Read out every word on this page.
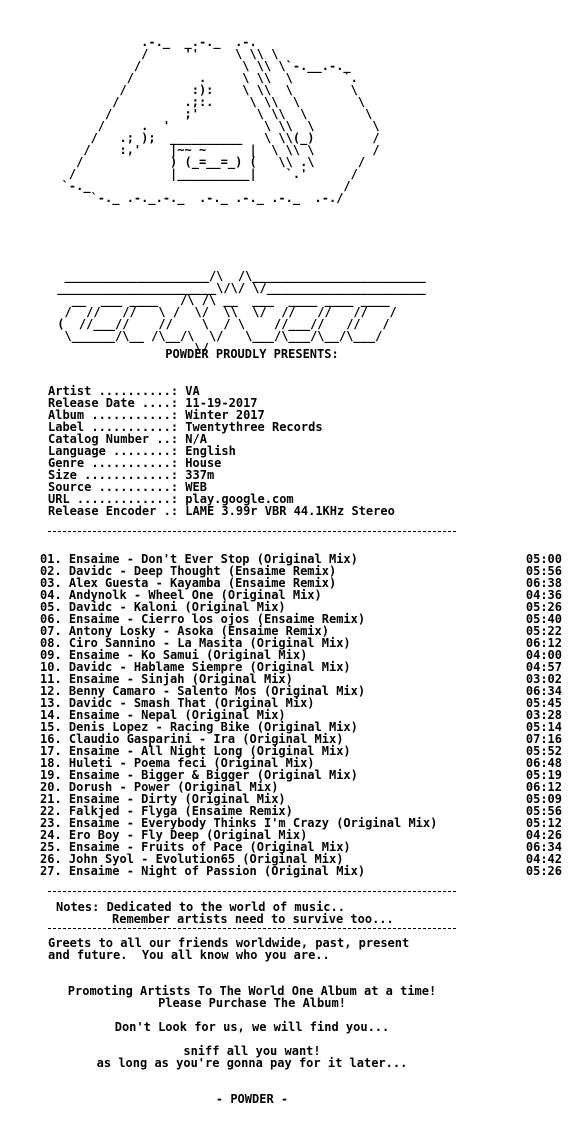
.-._  _.-._  .-.
/     ''     \ \\ \
/              \ \\ \`-.__.-._
/         .     \ \\  \       `.
/         :):    \ \\  \        \
/         .;:.     \ \\  \        \
/          ;'        \ \\  \        \
/     .  '             \ \\  \        \
/   .; );  __________   \ \\(_)        /
/    :,'    |~~ ~      |  \ \\ \        /
/            ) (_=__=_) (   \\ .\      /
/             |__________|    `.'      /
`-._                                   /
`-._ .-._.-._  .-._ .-._ .-._  .-./

____________________/\  /\________________________
______________________\/\/ \/______________________
__  ___ ____   /\ /\ __  ___  ____ ____ ____
/  //   //   \ /  \/  \\  \/  //   //   //   /
(  //___//    //    \  / \    //___//   //   /
\______/\__ /\__/\  \/   \___/\___/\__/\___/
\/

POWDER PROUDLY PRESENTS:

Artist ..........: VA

Release Date ....: 11-19-2017

Album ...........: Winter 2017

Label ...........: Twentythree Records

Catalog Number ..: N/A

Language ........: English

Genre ...........: House

Size ............: 337m

Source ..........: WEB

URL .............: play.google.com

Release Encoder .: LAME 3.99r VBR 44.1KHz Stereo

01. Ensaime - Don't Ever Stop (Original Mix)	05:00

02. Davidc - Deep Thought (Ensaime Remix)	05:56

03. Alex Guesta - Kayamba (Ensaime Remix)	06:38

04. Andynolk - Wheel One (Original Mix)	04:36

05. Davidc - Kaloni (Original Mix)	05:26

06. Ensaime - Cierro los ojos (Ensaime Remix)	05:40

07. Antony Losky - Asoka (Ensaime Remix)	05:22

08. Ciro Sannino - La Masita (Original Mix)	06:12

09. Ensaime - Ko Samui (Original Mix)	04:00

10. Davidc - Hablame Siempre (Original Mix)	04:57

11. Ensaime - Sinjah (Original Mix)	03:02

12. Benny Camaro - Salento Mos (Original Mix)	06:34

13. Davidc - Smash That (Original Mix)	05:45

14. Ensaime - Nepal (Original Mix)	03:28

15. Denis Lopez - Racing Bike (Original Mix)	05:14

16. Claudio Gasparini - Ira (Original Mix)	07:16

17. Ensaime - All Night Long (Original Mix)	05:52

18. Huleti - Poema feci (Original Mix)	06:48

19. Ensaime - Bigger & Bigger (Original Mix)	05:19

20. Dorush - Power (Original Mix)	06:12

21. Ensaime - Dirty (Original Mix)	05:09

22. Falkjed - Flyga (Ensaime Remix)	05:56

23. Ensaime - Everybody Thinks I'm Crazy (Original Mix)	05:12

24. Ero Boy - Fly Deep (Original Mix)	04:26

25. Ensaime - Fruits of Pace (Original Mix)	06:34

26. John Syol - Evolution65 (Original Mix)	04:42

27. Ensaime - Night of Passion (Original Mix)	05:26

Notes: Dedicated to the world of music..

Remember artists need to survive too...

Greets to all our friends worldwide, past, present

and future.  You all know who you are..

Promoting Artists To The World One Album at a time!

Please Purchase The Album!

Don't Look for us, we will find you...

sniff all you want!

as long as you're gonna pay for it later...

- POWDER -
